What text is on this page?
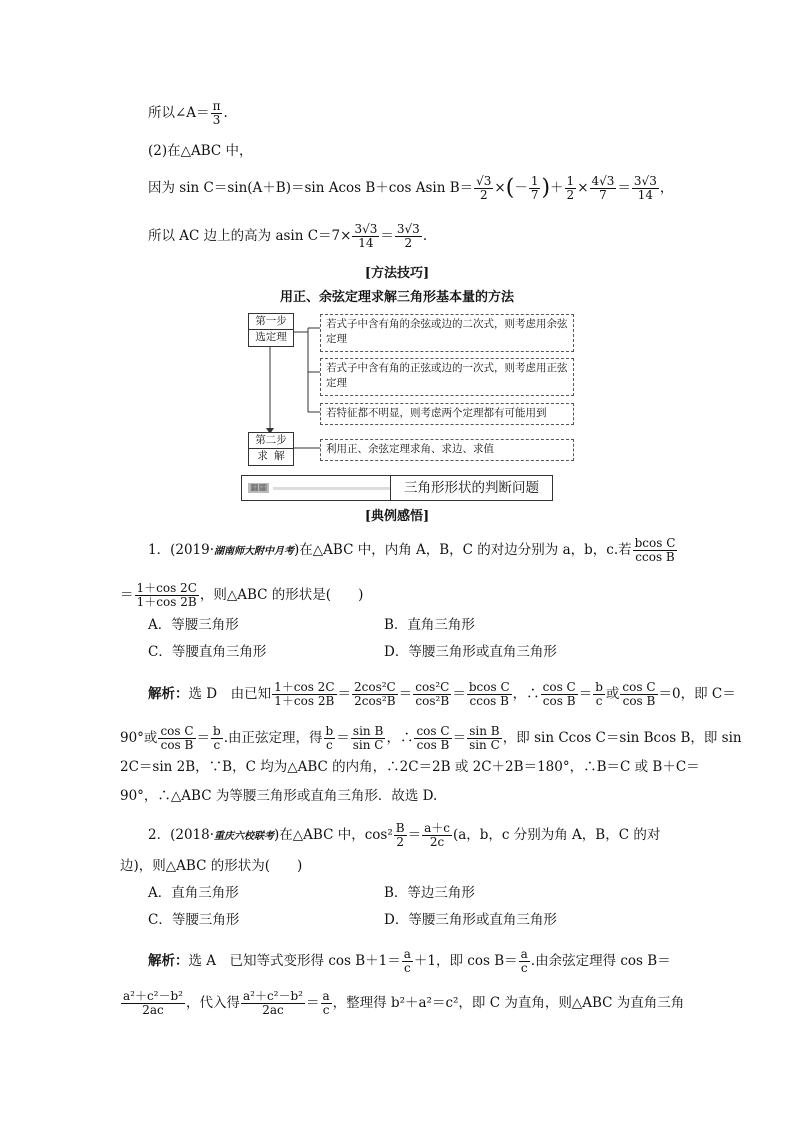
所以∠A＝ $\frac{\pi}{3}$ .
(2)在△ABC 中，
因为 sin C＝sin(A＋B)＝sin Acos B＋cos Asin $B= \frac{√3}{2}$ ×(－ $\frac{1}{7}$ )＋ $\frac{1}{2} \times \frac{4√3}{7} = \frac{3√3}{14}$ ，
所以 AC 边上的高为 asin $C=7\times \frac{3√3}{14} = \frac{3√3}{2}$ .
[方法技巧]
用正、余弦定理求解三角形基本量的方法
第一步
选定理
第二步
求 解
若式子中含有角的余弦或边的二次式，则考虑用余弦定理
若式子中含有角的正弦或边的一次式，则考虑用正弦定理
若特征都不明显，则考虑两个定理都有可能用到
利用正、余弦定理求角、求边、求值
▦▦	三角形形状的判断问题
[典例感悟]
1．(2019·湖南师大附中月考)在△ABC 中，内角 A，B，C 的对边分别为 a，b，c.若 $\frac{\text{bcos C}}{\text{ccos B}}$
＝ $\frac{1+\cos 2C}{1+\cos 2B}$ ，则△ABC 的形状是(　　)
A．等腰三角形	B．直角三角形
C．等腰直角三角形	D．等腰三角形或直角三角形
解析：选 D　由已知 $\frac{1+\cos 2C}{1+\cos 2B} = \frac{\text{2cos²C}}{\text{2cos²B}} = \frac{\text{cos²C}}{\text{cos²B}} = \frac{\text{bcos C}}{\text{ccos B}}$ ，∴ $\frac{\text{cos C}}{\text{cos B}} = \frac{b}{c}$ 或 $\frac{\text{cos C}}{\text{cos B}} =0$，即 C＝
90°或 $\frac{\text{cos C}}{\text{cos B}} = \frac{b}{c}$ .由正弦定理，得 $\frac{b}{c} = \frac{\text{sin B}}{\text{sin C}}$ ，∴ $\frac{\text{cos C}}{\text{cos B}} = \frac{\text{sin B}}{\text{sin C}}$ ，即 sin Ccos C＝sin Bcos B，即 sin
2C＝sin 2B，∵B，C 均为△ABC 的内角，∴2C＝2B 或 2C＋2B＝180°，∴B＝C 或 B＋C＝
90°，∴△ABC 为等腰三角形或直角三角形．故选 D.
2．(2018·重庆六校联考)在△ABC 中，$\cos^2 \frac{B}{2} = \frac{a+c}{2c} (a$，b，c 分别为角 A，B，C 的对
边)，则△ABC 的形状为(　　)
A．直角三角形	B．等边三角形
C．等腰三角形	D．等腰三角形或直角三角形
解析：选 A　已知等式变形得 $\cos B+1= \frac{a}{c} +1$，即 $\cos B= \frac{a}{c}$ .由余弦定理得 cos B＝
$\frac{\text{a²＋c²－b²}}{2ac}$ ，代入得 $\frac{\text{a²＋c²－b²}}{2ac} = \frac{a}{c}$ ，整理得 b²＋a²＝c²，即 C 为直角，则△ABC 为直角三角
